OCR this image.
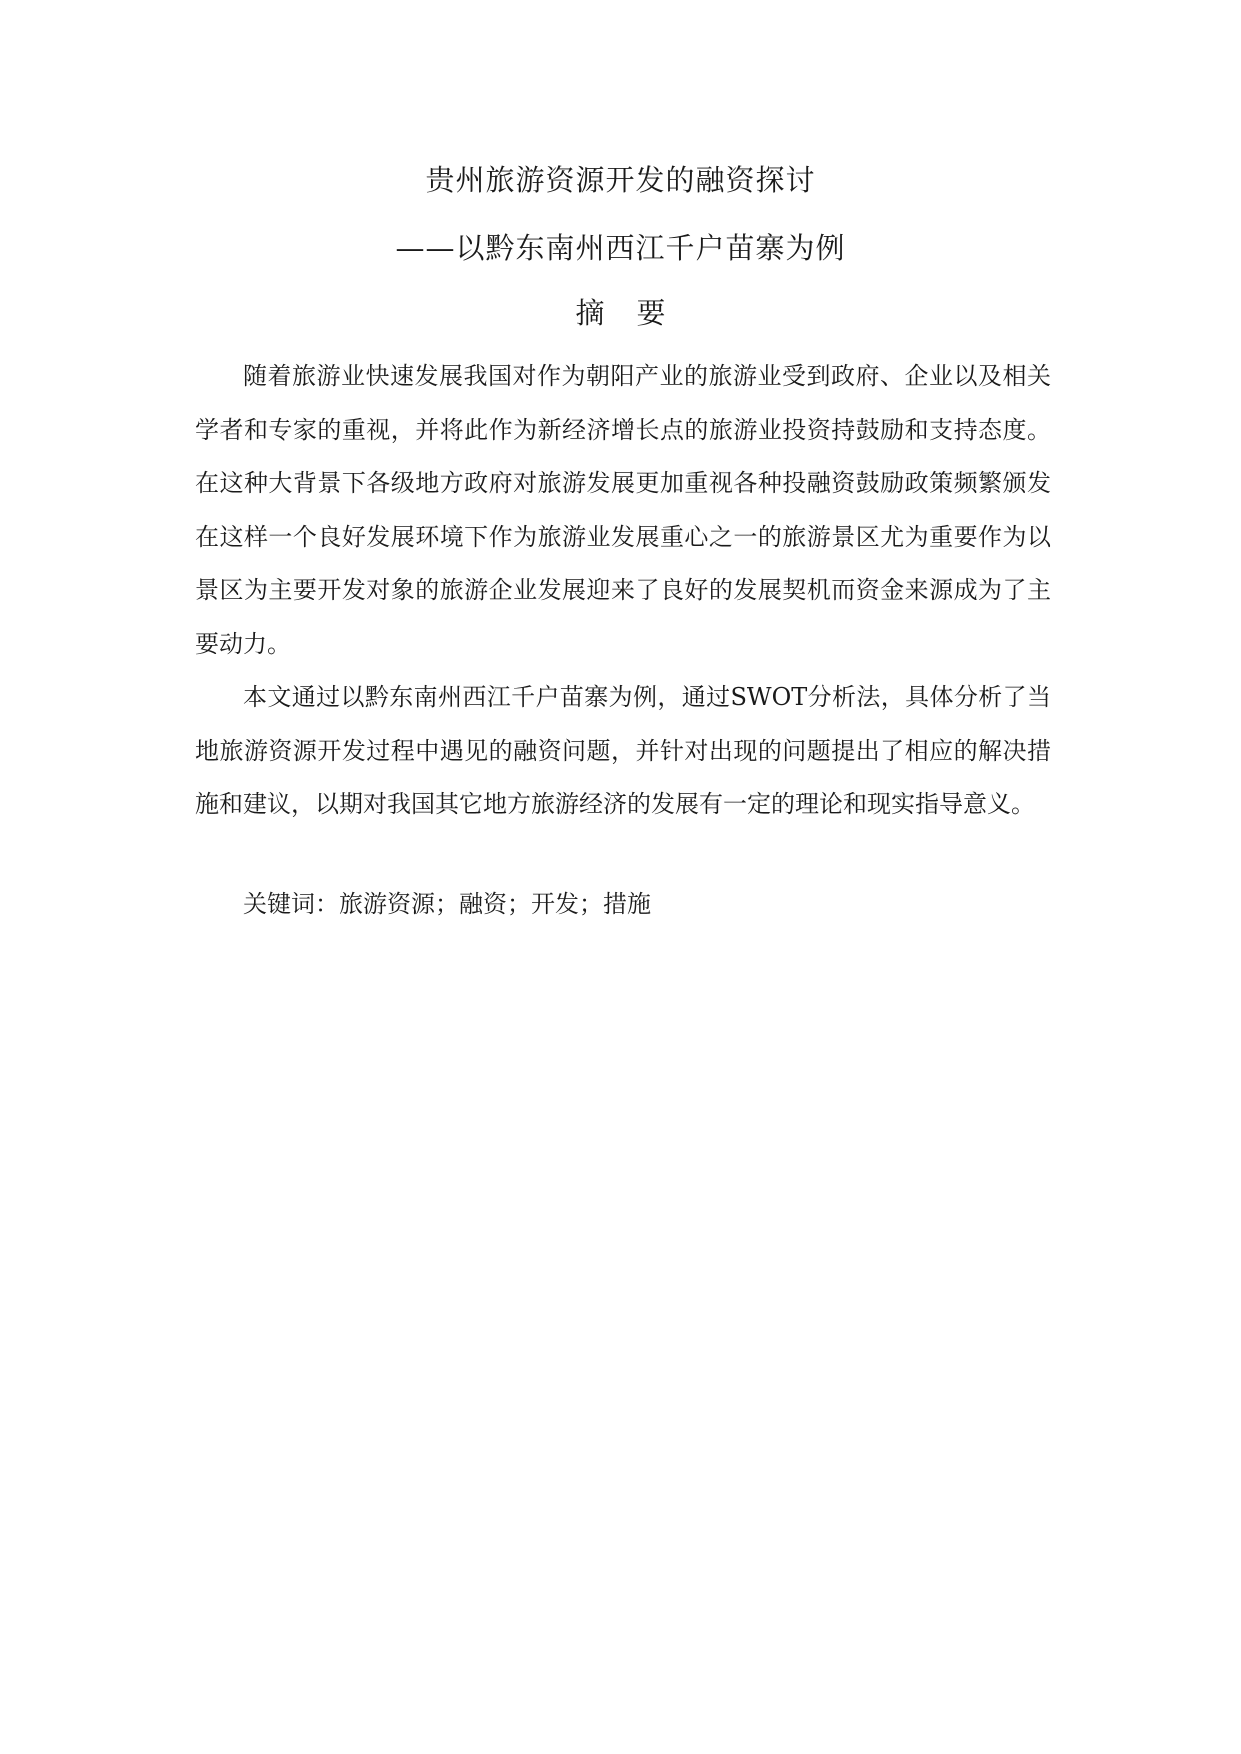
贵州旅游资源开发的融资探讨
——以黔东南州西江千户苗寨为例
摘 要

随着旅游业快速发展我国对作为朝阳产业的旅游业受到政府、企业以及相关学者和专家的重视，并将此作为新经济增长点的旅游业投资持鼓励和支持态度。在这种大背景下各级地方政府对旅游发展更加重视各种投融资鼓励政策频繁颁发在这样一个良好发展环境下作为旅游业发展重心之一的旅游景区尤为重要作为以景区为主要开发对象的旅游企业发展迎来了良好的发展契机而资金来源成为了主要动力。

本文通过以黔东南州西江千户苗寨为例，通过SWOT分析法，具体分析了当地旅游资源开发过程中遇见的融资问题，并针对出现的问题提出了相应的解决措施和建议，以期对我国其它地方旅游经济的发展有一定的理论和现实指导意义。

关键词：旅游资源；融资；开发；措施
